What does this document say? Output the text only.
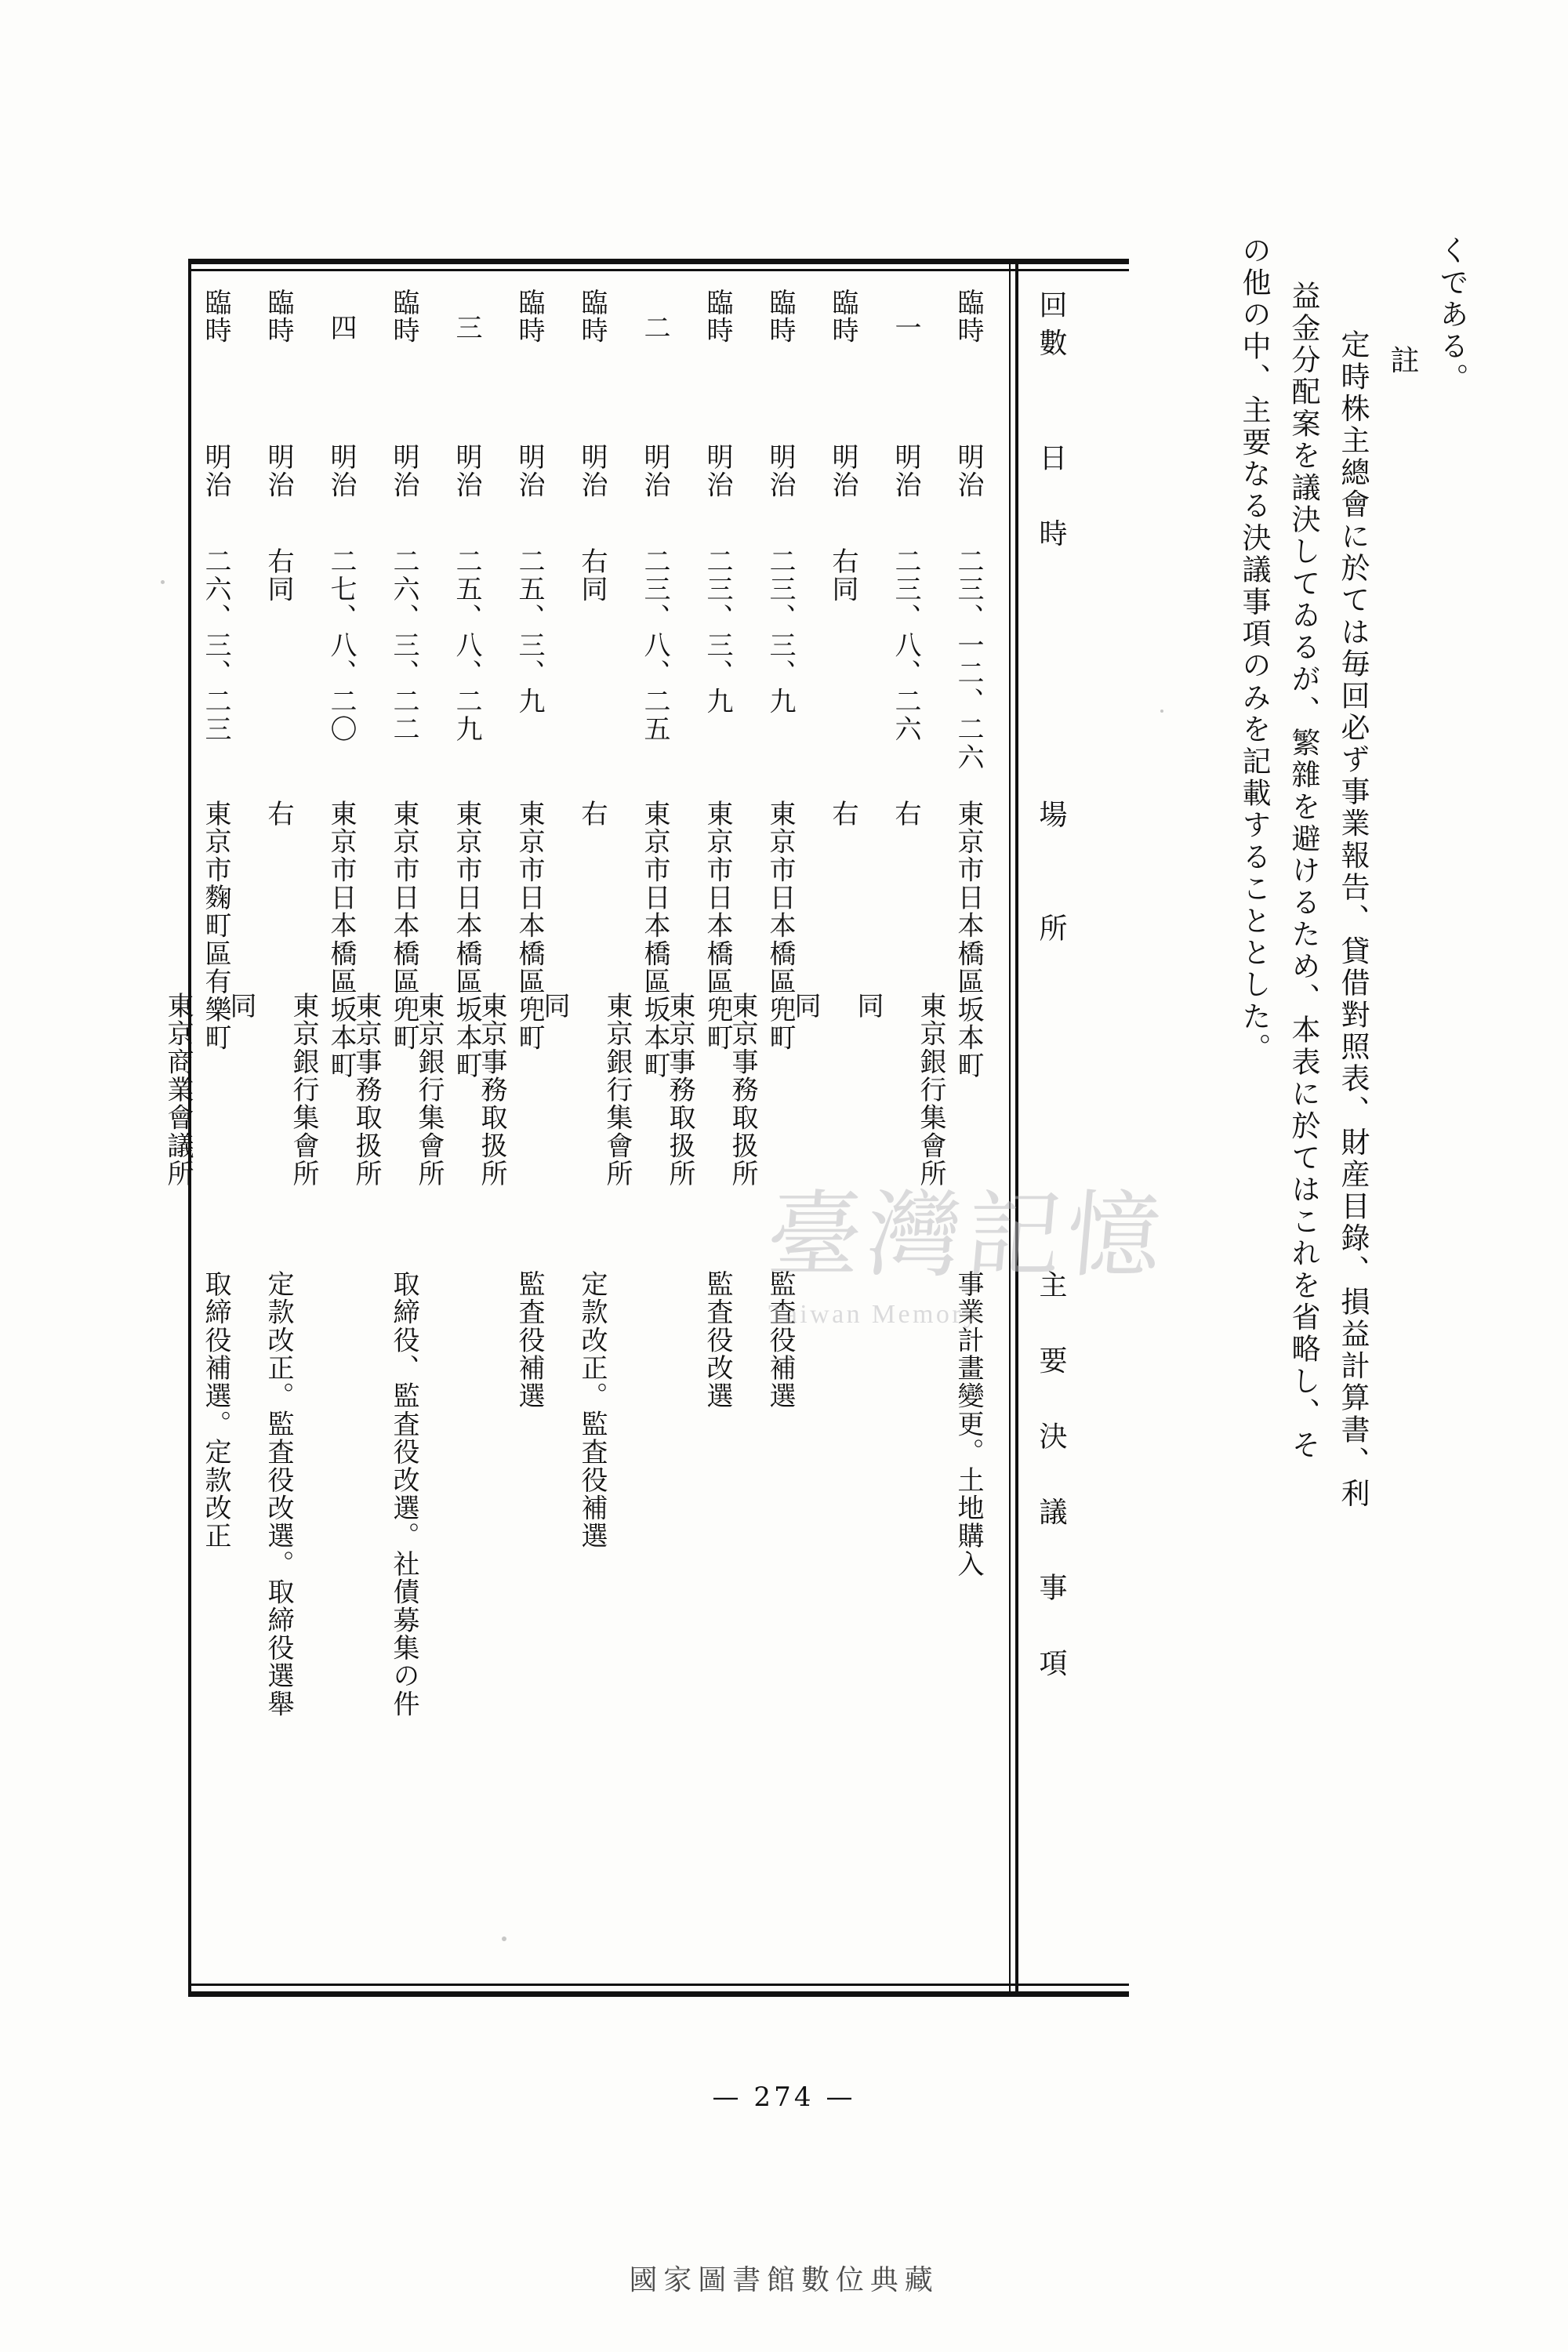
くである。
註
定時株主總會に於ては毎回必ず事業報告、貸借對照表、財産目錄、損益計算書、利
益金分配案を議決してゐるが、繁雜を避けるため、本表に於てはこれを省略し、そ
の他の中、主要なる決議事項のみを記載することとした。
回數
日　時
場　　所
主　要　決　議　事　項
臨時
明治
二三、一二、二六
東京市日本橋區坂本町
東京銀行集會所
事業計畫變更。土地購入
一
明治
二三、八、二六
右
同
臨時
明治
右同
右
同
臨時
明治
二三、三、九
東京市日本橋區兜町
東京事務取扱所
監査役補選
臨時
明治
二三、三、九
東京市日本橋區兜町
東京事務取扱所
監査役改選
二
明治
二三、八、二五
東京市日本橋區坂本町
東京銀行集會所
臨時
明治
右同
右
同
定款改正。監査役補選
臨時
明治
二五、三、九
東京市日本橋區兜町
東京事務取扱所
監査役補選
三
明治
二五、八、二九
東京市日本橋區坂本町
東京銀行集會所
臨時
明治
二六、三、二二
東京市日本橋區兜町
東京事務取扱所
取締役、監査役改選。社債募集の件
四
明治
二七、八、二〇
東京市日本橋區坂本町
東京銀行集會所
臨時
明治
右同
右
同
定款改正。監査役改選。取締役選舉
臨時
明治
二六、三、二三
東京市麴町區有樂町
東京商業會議所
取締役補選。定款改正
臺灣記憶
Taiwan Memory
— 274 —
國家圖書館數位典藏
